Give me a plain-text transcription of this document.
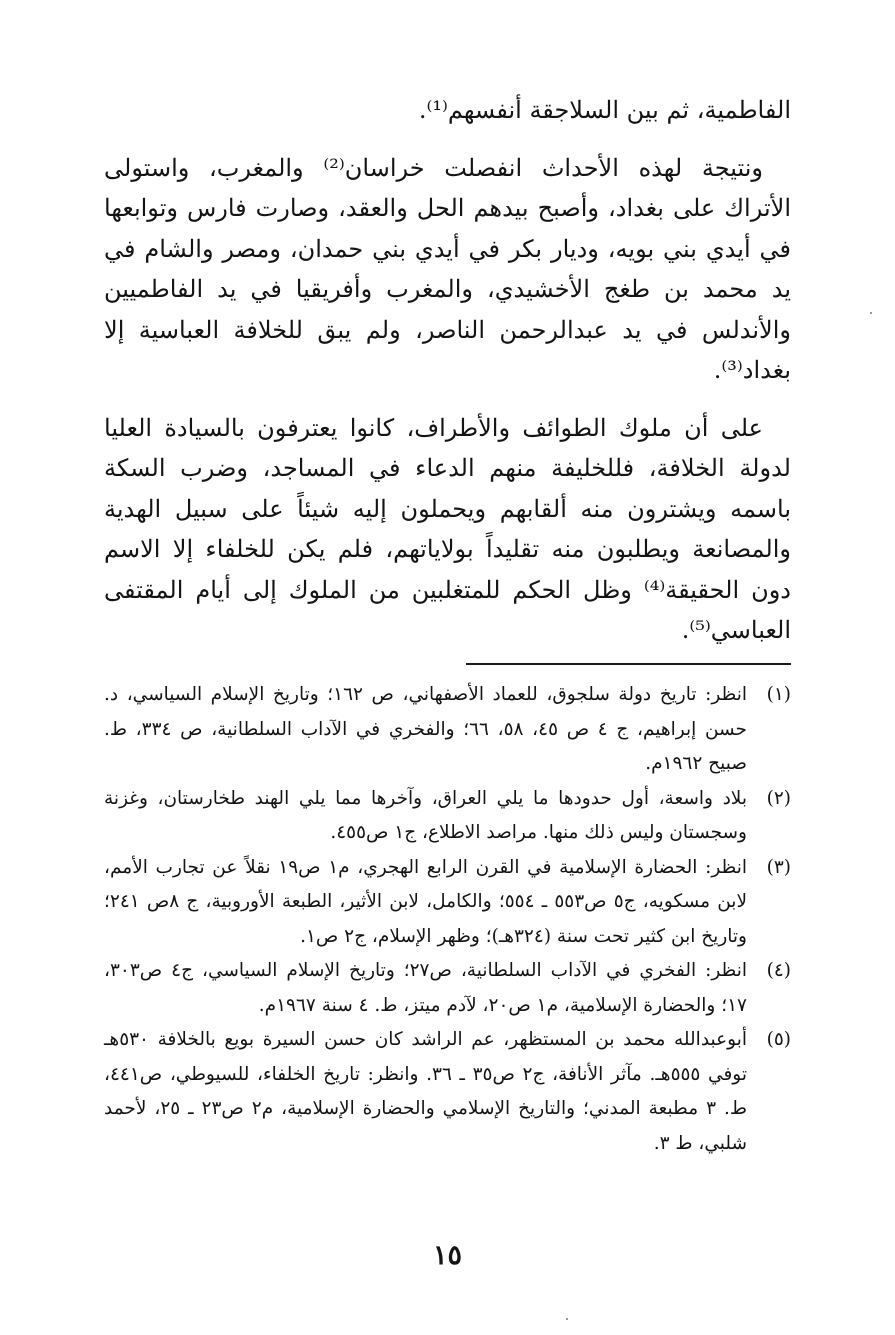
الفاطمية، ثم بين السلاجقة أنفسهم⁽¹⁾.

ونتيجة لهذه الأحداث انفصلت خراسان⁽²⁾ والمغرب، واستولى الأتراك على بغداد، وأصبح بيدهم الحل والعقد، وصارت فارس وتوابعها في أيدي بني بويه، وديار بكر في أيدي بني حمدان، ومصر والشام في يد محمد بن طغج الأخشيدي، والمغرب وأفريقيا في يد الفاطميين والأندلس في يد عبدالرحمن الناصر، ولم يبق للخلافة العباسية إلا بغداد⁽³⁾.

على أن ملوك الطوائف والأطراف، كانوا يعترفون بالسيادة العليا لدولة الخلافة، فللخليفة منهم الدعاء في المساجد، وضرب السكة باسمه ويشترون منه ألقابهم ويحملون إليه شيئاً على سبيل الهدية والمصانعة ويطلبون منه تقليداً بولاياتهم، فلم يكن للخلفاء إلا الاسم دون الحقيقة⁽⁴⁾ وظل الحكم للمتغلبين من الملوك إلى أيام المقتفى العباسي⁽⁵⁾.

(١)
انظر: تاريخ دولة سلجوق، للعماد الأصفهاني، ص ١٦٢؛ وتاريخ الإسلام السياسي، د. حسن إبراهيم، ج ٤ ص ٤٥، ٥٨، ٦٦؛ والفخري في الآداب السلطانية، ص ٣٣٤، ط. صبيح ١٩٦٢م.
(٢)
بلاد واسعة، أول حدودها ما يلي العراق، وآخرها مما يلي الهند طخارستان، وغزنة وسجستان وليس ذلك منها. مراصد الاطلاع، ج١ ص٤٥٥.
(٣)
انظر: الحضارة الإسلامية في القرن الرابع الهجري، م١ ص١٩ نقلاً عن تجارب الأمم، لابن مسكويه، ج٥ ص٥٥٣ ـ ٥٥٤؛ والكامل، لابن الأثير، الطبعة الأوروبية، ج ٨ص ٢٤١؛ وتاريخ ابن كثير تحت سنة (٣٢٤هـ)؛ وظهر الإسلام، ج٢ ص١.
(٤)
انظر: الفخري في الآداب السلطانية، ص٢٧؛ وتاريخ الإسلام السياسي، ج٤ ص٣٠٣، ١٧؛ والحضارة الإسلامية، م١ ص٢٠، لآدم ميتز، ط. ٤ سنة ١٩٦٧م.
(٥)
أبوعبدالله محمد بن المستظهر، عم الراشد كان حسن السيرة بويع بالخلافة ٥٣٠هـ توفي ٥٥٥هـ. مآثر الأنافة، ج٢ ص٣٥ ـ ٣٦. وانظر: تاريخ الخلفاء، للسيوطي، ص٤٤١، ط. ٣ مطبعة المدني؛ والتاريخ الإسلامي والحضارة الإسلامية، م٢ ص٢٣ ـ ٢٥، لأحمد شلبي، ط ٣.
١٥
